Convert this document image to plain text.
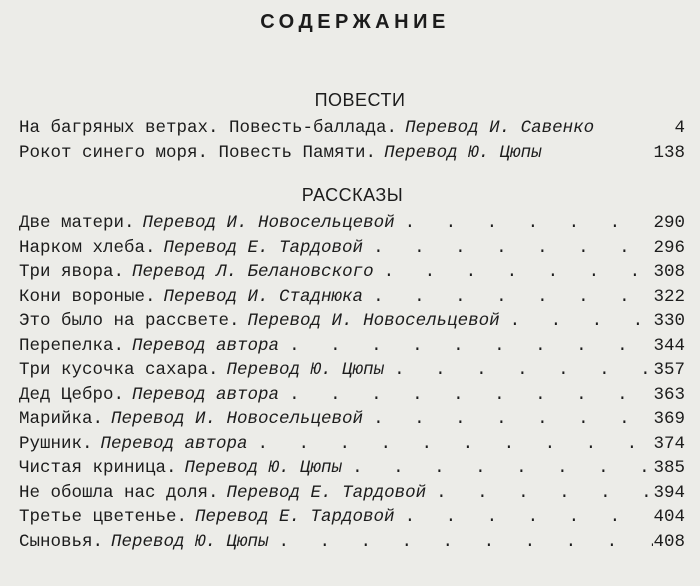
СОДЕРЖАНИЕ
ПОВЕСТИ
На багряных ветрах. Повесть-баллада. Перевод И. Савенко	4
Рокот синего моря. Повесть Памяти. Перевод Ю. Цюпы	138
РАССКАЗЫ
Две матери. Перевод И. Новосельцевой . . .	290
Нарком хлеба. Перевод Е. Тардовой . . .	296
Три явора. Перевод Л. Белановского . . .	308
Кони вороные. Перевод И. Стаднюка . . .	322
Это было на рассвете. Перевод И. Новосельцевой . . .	330
Перепелка. Перевод автора . . .	344
Три кусочка сахара. Перевод Ю. Цюпы . . .	357
Дед Цебро. Перевод автора . . .	363
Марийка. Перевод И. Новосельцевой . . .	369
Рушник. Перевод автора . . .	374
Чистая криница. Перевод Ю. Цюпы . . .	385
Не обошла нас доля. Перевод Е. Тардовой . . .	394
Третье цветенье. Перевод Е. Тардовой . . .	404
Сыновья. Перевод Ю. Цюпы . . .	408
